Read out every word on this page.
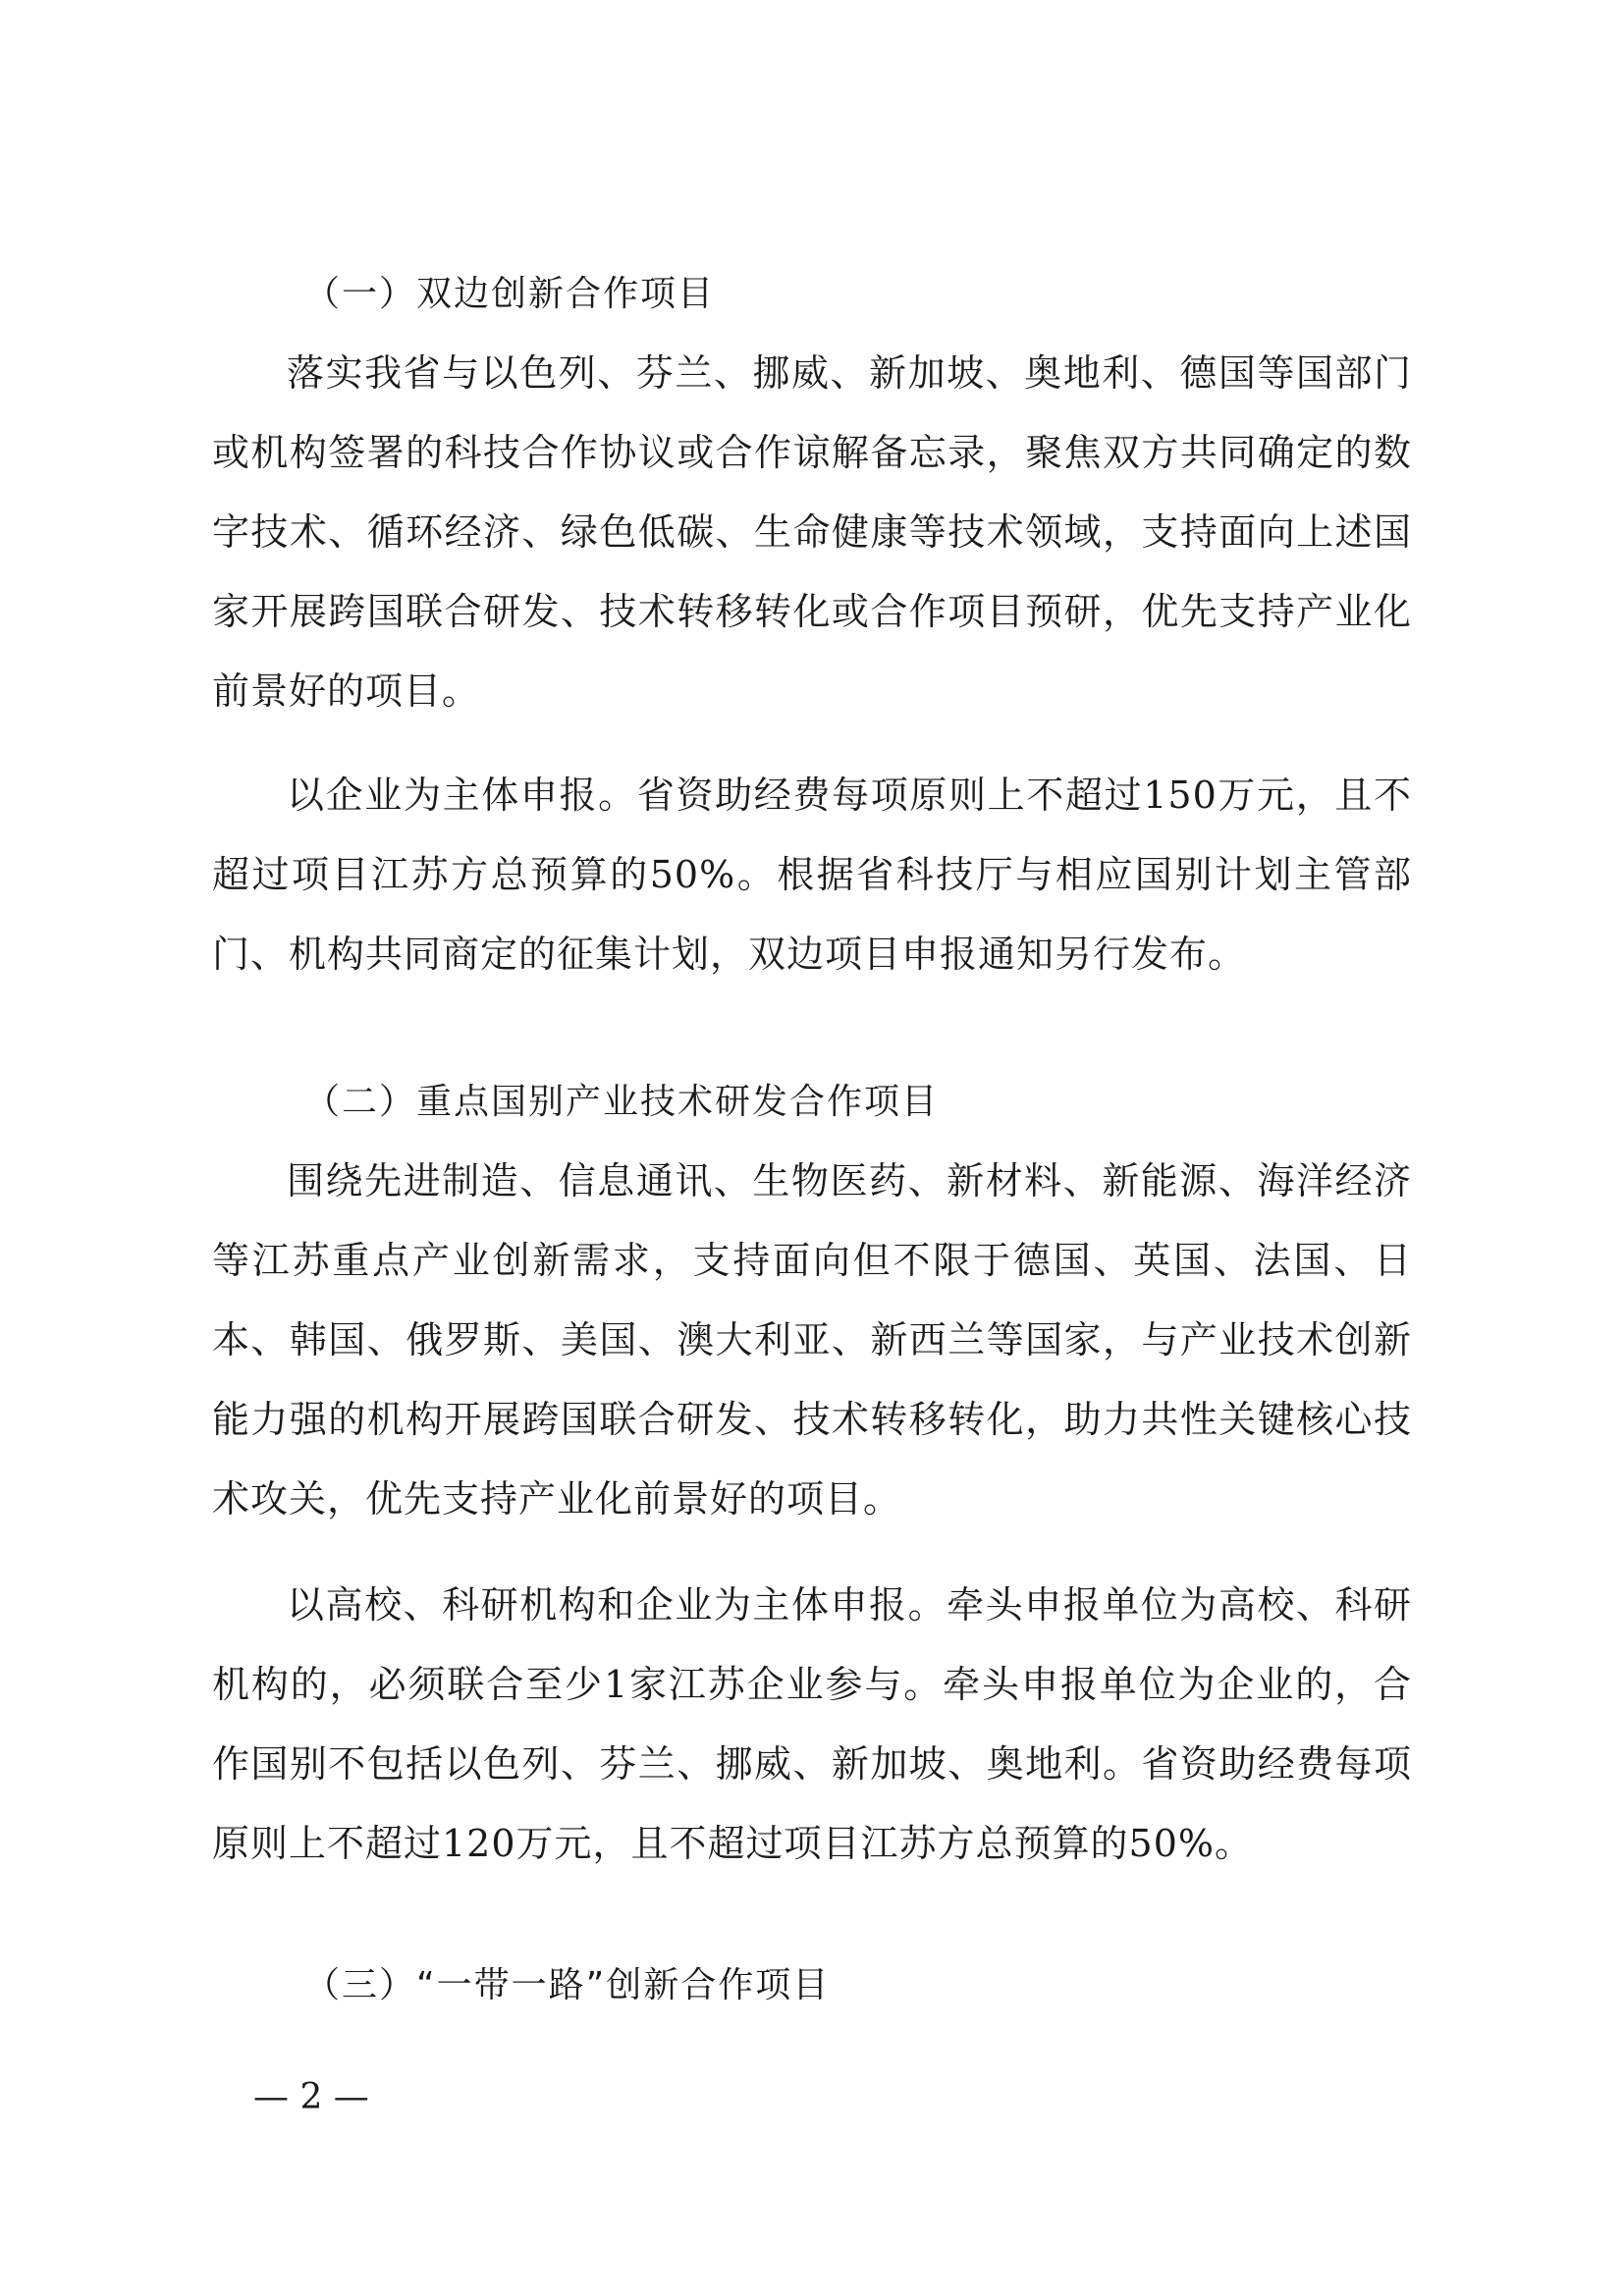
（一）双边创新合作项目

落实我省与以色列、芬兰、挪威、新加坡、奥地利、德国等国部门或机构签署的科技合作协议或合作谅解备忘录，聚焦双方共同确定的数字技术、循环经济、绿色低碳、生命健康等技术领域，支持面向上述国家开展跨国联合研发、技术转移转化或合作项目预研，优先支持产业化前景好的项目。

以企业为主体申报。省资助经费每项原则上不超过150万元，且不超过项目江苏方总预算的50%。根据省科技厅与相应国别计划主管部门、机构共同商定的征集计划，双边项目申报通知另行发布。

（二）重点国别产业技术研发合作项目

围绕先进制造、信息通讯、生物医药、新材料、新能源、海洋经济等江苏重点产业创新需求，支持面向但不限于德国、英国、法国、日本、韩国、俄罗斯、美国、澳大利亚、新西兰等国家，与产业技术创新能力强的机构开展跨国联合研发、技术转移转化，助力共性关键核心技术攻关，优先支持产业化前景好的项目。

以高校、科研机构和企业为主体申报。牵头申报单位为高校、科研机构的，必须联合至少1家江苏企业参与。牵头申报单位为企业的，合作国别不包括以色列、芬兰、挪威、新加坡、奥地利。省资助经费每项原则上不超过120万元，且不超过项目江苏方总预算的50%。

（三）“一带一路”创新合作项目
— 2 —
